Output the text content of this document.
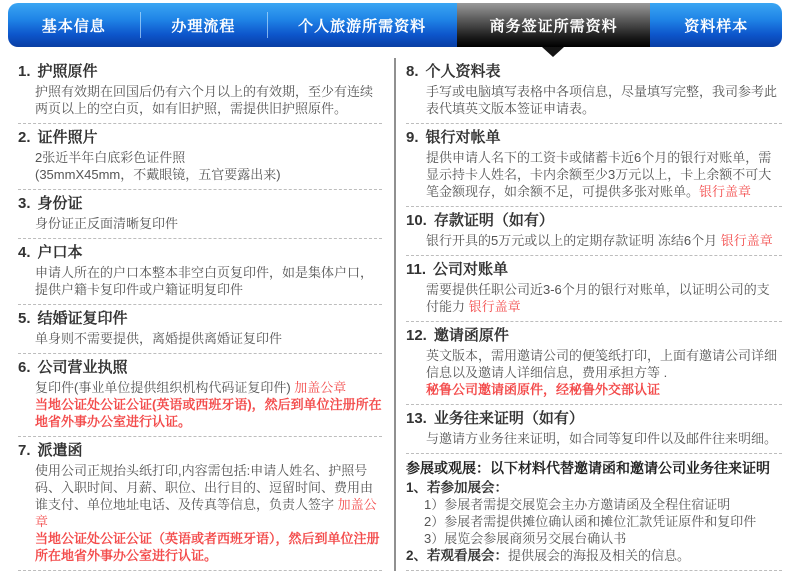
基本信息	办理流程	个人旅游所需资料	商务签证所需资料	资料样本
1. 护照原件
护照有效期在回国后仍有六个月以上的有效期，至少有连续两页以上的空白页，如有旧护照，需提供旧护照原件。
2. 证件照片
2张近半年白底彩色证件照
(35mmX45mm，不戴眼镜，五官要露出来)
3. 身份证
身份证正反面清晰复印件
4. 户口本
申请人所在的户口本整本非空白页复印件，如是集体户口，提供户籍卡复印件或户籍证明复印件
5. 结婚证复印件
单身则不需要提供，离婚提供离婚证复印件
6. 公司营业执照
复印件(事业单位提供组织机构代码证复印件) 加盖公章
当地公证处公证公证(英语或西班牙语)，然后到单位注册所在地省外事办公室进行认证。
7. 派遣函
使用公司正规抬头纸打印,内容需包括:申请人姓名、护照号码、入职时间、月薪、职位、出行目的、逗留时间、费用由谁支付、单位地址电话、及传真等信息，负责人签字 加盖公章
当地公证处公证公证（英语或者西班牙语），然后到单位注册所在地省外事办公室进行认证。
8. 个人资料表
手写或电脑填写表格中各项信息，尽量填写完整，我司参考此表代填英文版本签证申请表。
9. 银行对帐单
提供申请人名下的工资卡或储蓄卡近6个月的银行对账单，需显示持卡人姓名，卡内余额至少3万元以上，卡上余额不可大笔金额现存，如余额不足，可提供多张对账单。银行盖章
10. 存款证明（如有）
银行开具的5万元或以上的定期存款证明 冻结6个月 银行盖章
11. 公司对账单
需要提供任职公司近3-6个月的银行对账单，以证明公司的支付能力 银行盖章
12. 邀请函原件
英文版本，需用邀请公司的便笺纸打印，上面有邀请公司详细信息以及邀请人详细信息，费用承担方等 .
秘鲁公司邀请函原件，经秘鲁外交部认证
13. 业务往来证明（如有）
与邀请方业务往来证明，如合同等复印件以及邮件往来明细。
参展或观展：以下材料代替邀请函和邀请公司业务往来证明
1、若参加展会：
1）参展者需提交展览会主办方邀请函及全程住宿证明
2）参展者需提供摊位确认函和摊位汇款凭证原件和复印件
3）展览会参展商须另交展台确认书
2、若观看展会：提供展会的海报及相关的信息。
